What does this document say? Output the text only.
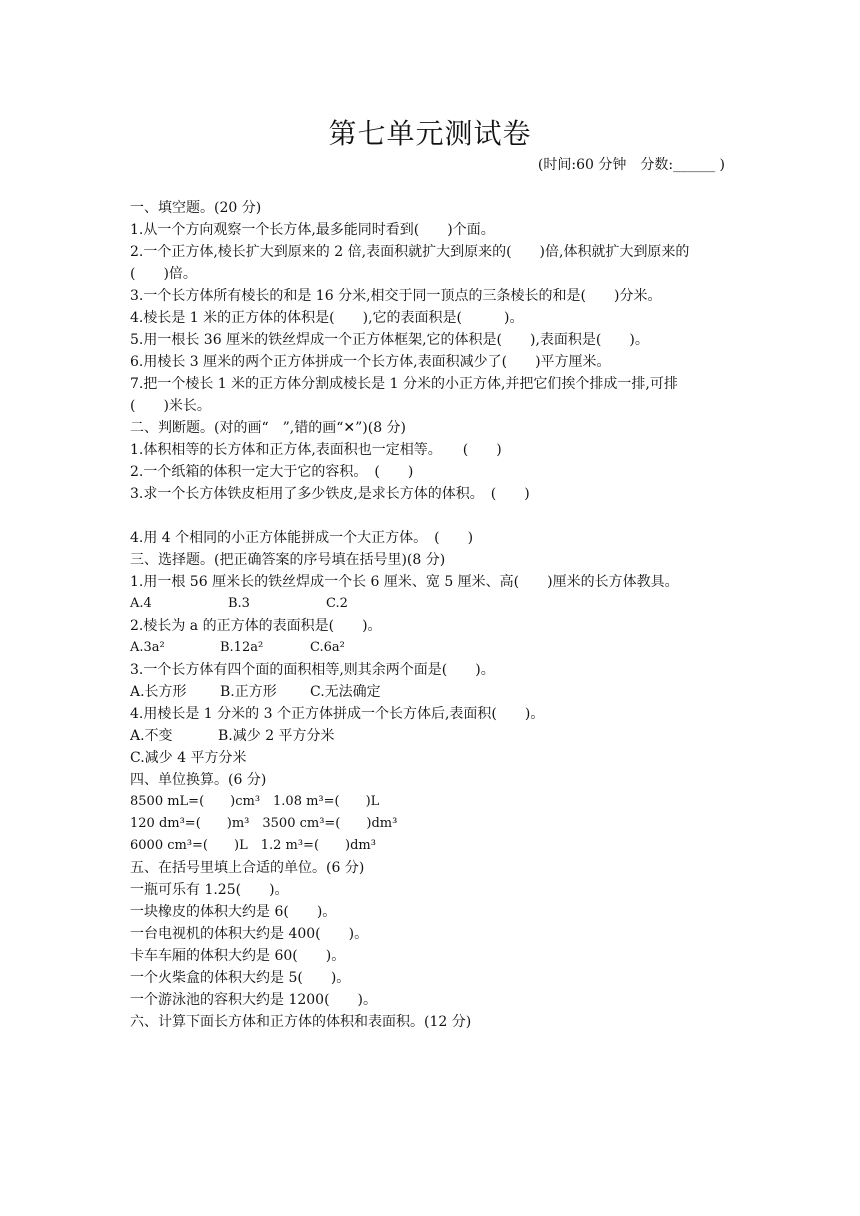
第七单元测试卷
(时间:60 分钟　分数:______ )
一、填空题。(20 分)
1.从一个方向观察一个长方体,最多能同时看到(　　)个面。
2.一个正方体,棱长扩大到原来的 2 倍,表面积就扩大到原来的(　　)倍,体积就扩大到原来的
(　　)倍。
3.一个长方体所有棱长的和是 16 分米,相交于同一顶点的三条棱长的和是(　　)分米。
4.棱长是 1 米的正方体的体积是(　　),它的表面积是(　　　)。
5.用一根长 36 厘米的铁丝焊成一个正方体框架,它的体积是(　　),表面积是(　　)。
6.用棱长 3 厘米的两个正方体拼成一个长方体,表面积减少了(　　)平方厘米。
7.把一个棱长 1 米的正方体分割成棱长是 1 分米的小正方体,并把它们挨个排成一排,可排
(　　)米长。
二、判断题。(对的画“　”,错的画“✕”)(8 分)
1.体积相等的长方体和正方体,表面积也一定相等。　　(　　)
2.一个纸箱的体积一定大于它的容积。　(　　)
3.求一个长方体铁皮柜用了多少铁皮,是求长方体的体积。　(　　)
4.用 4 个相同的小正方体能拼成一个大正方体。　(　　)
三、选择题。(把正确答案的序号填在括号里)(8 分)
1.用一根 56 厘米长的铁丝焊成一个长 6 厘米、宽 5 厘米、高(　　)厘米的长方体教具。
A.4	B.3	C.2
2.棱长为 a 的正方体的表面积是(　　)。
A.3a²	B.12a²	C.6a²
3.一个长方体有四个面的面积相等,则其余两个面是(　　)。
A.长方形 B.正方形 C.无法确定
4.用棱长是 1 分米的 3 个正方体拼成一个长方体后,表面积(　　)。
A.不变	B.减少 2 平方分米
C.减少 4 平方分米
四、单位换算。(6 分)
8500 mL=(　　)cm³　1.08 m³=(　　)L
120 dm³=(　　)m³　3500 cm³=(　　)dm³
6000 cm³=(　　)L　1.2 m³=(　　)dm³
五、在括号里填上合适的单位。(6 分)
一瓶可乐有 1.25(　　)。
一块橡皮的体积大约是 6(　　)。
一台电视机的体积大约是 400(　　)。
卡车车厢的体积大约是 60(　　)。
一个火柴盒的体积大约是 5(　　)。
一个游泳池的容积大约是 1200(　　)。
六、计算下面长方体和正方体的体积和表面积。(12 分)
